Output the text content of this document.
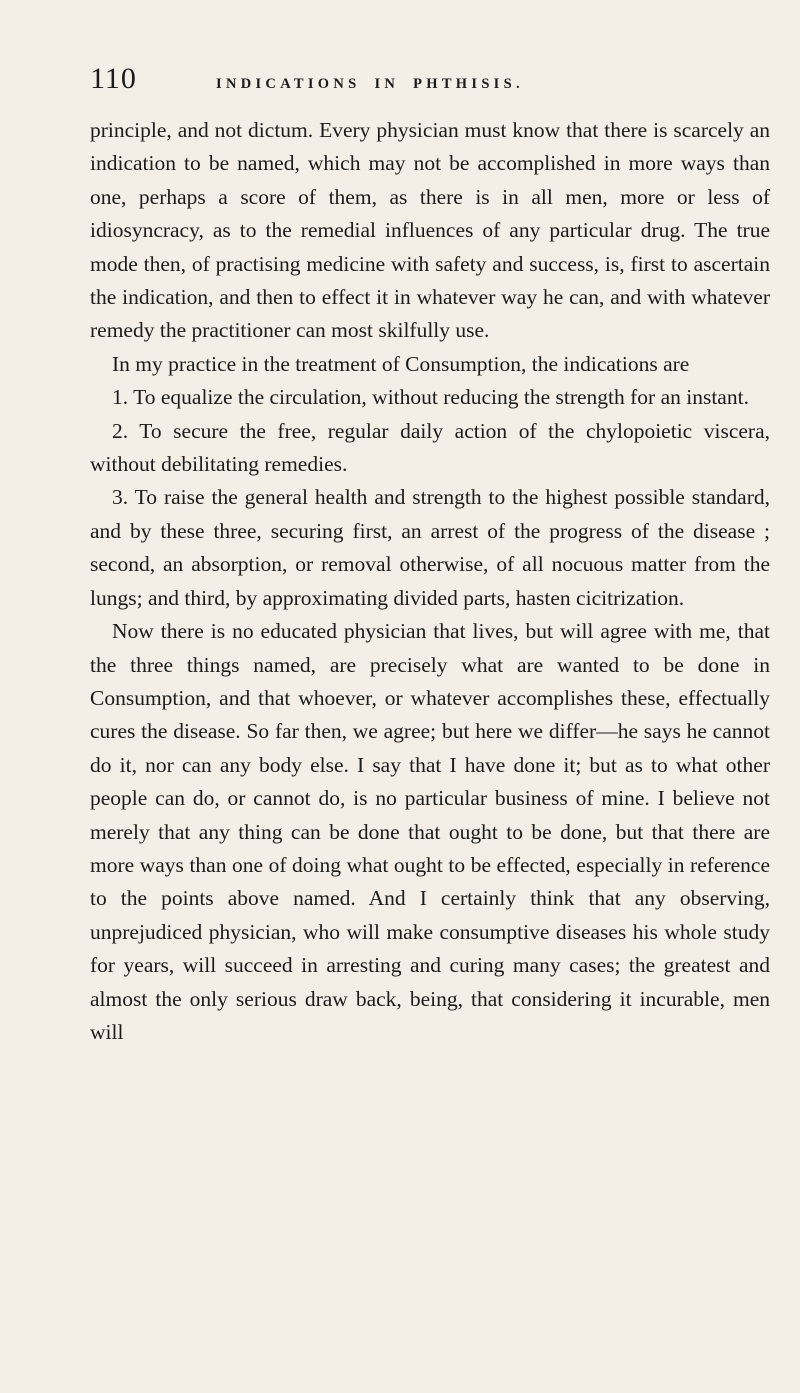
110	INDICATIONS IN PHTHISIS.

principle, and not dictum. Every physician must know that there is scarcely an indication to be named, which may not be accomplished in more ways than one, perhaps a score of them, as there is in all men, more or less of idiosyncracy, as to the remedial influences of any particular drug. The true mode then, of practising medicine with safety and success, is, first to ascertain the indication, and then to effect it in whatever way he can, and with whatever remedy the practitioner can most skilfully use.

In my practice in the treatment of Consumption, the indications are

1. To equalize the circulation, without reducing the strength for an instant.

2. To secure the free, regular daily action of the chylopoietic viscera, without debilitating remedies.

3. To raise the general health and strength to the highest possible standard, and by these three, securing first, an arrest of the progress of the disease ; second, an absorption, or removal otherwise, of all nocuous matter from the lungs; and third, by approximating divided parts, hasten cicitrization.

Now there is no educated physician that lives, but will agree with me, that the three things named, are precisely what are wanted to be done in Consumption, and that whoever, or whatever accomplishes these, effectually cures the disease. So far then, we agree; but here we differ—he says he cannot do it, nor can any body else. I say that I have done it; but as to what other people can do, or cannot do, is no particular business of mine. I believe not merely that any thing can be done that ought to be done, but that there are more ways than one of doing what ought to be effected, especially in reference to the points above named. And I certainly think that any observing, unprejudiced physician, who will make consumptive diseases his whole study for years, will succeed in arresting and curing many cases; the greatest and almost the only serious draw back, being, that considering it incurable, men will
